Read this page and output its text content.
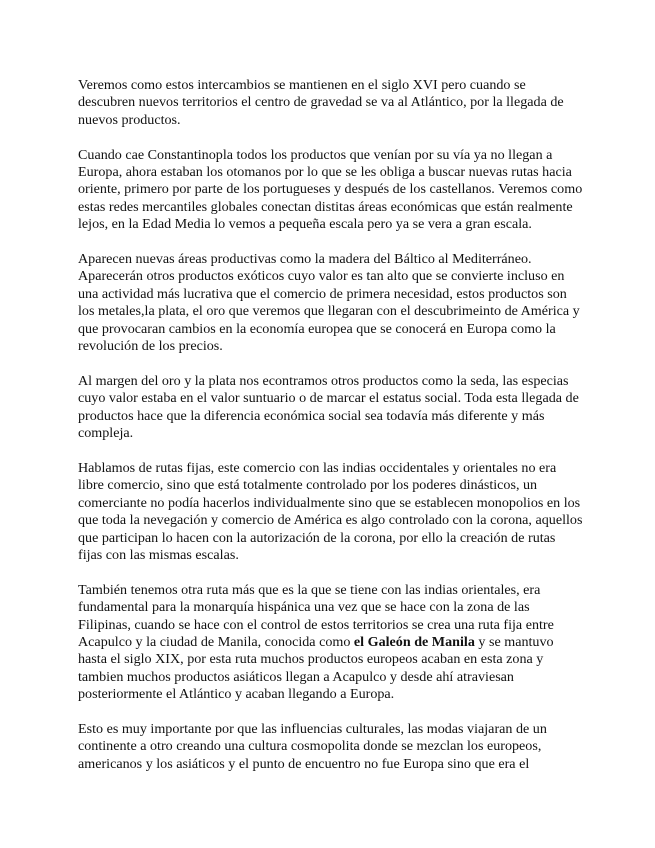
Veremos como estos intercambios se mantienen en el siglo XVI pero cuando se descubren nuevos territorios el centro de gravedad se va al Atlántico, por la llegada de nuevos productos.

Cuando cae Constantinopla todos los productos que venían por su vía ya no llegan a Europa, ahora estaban los otomanos por lo que se les obliga a buscar nuevas rutas hacia oriente, primero por parte de los portugueses y después de los castellanos. Veremos como estas redes mercantiles globales conectan distitas áreas económicas que están realmente lejos, en la Edad Media lo vemos a pequeña escala pero ya se vera a gran escala.

Aparecen nuevas áreas productivas como la madera del Báltico al Mediterráneo. Aparecerán otros productos exóticos cuyo valor es tan alto que se convierte incluso en una actividad más lucrativa que el comercio de primera necesidad, estos productos son los metales,la plata, el oro que veremos que llegaran con el descubrimeinto de América y que provocaran cambios en la economía europea que se conocerá en Europa como la revolución de los precios.

Al margen del oro y la plata nos econtramos otros productos como la seda, las especias cuyo valor estaba en el valor suntuario o de marcar el estatus social. Toda esta llegada de productos hace que la diferencia económica social sea todavía más diferente y más compleja.

Hablamos de rutas fijas, este comercio con las indias occidentales y orientales no era libre comercio, sino que está totalmente controlado por los poderes dinásticos, un comerciante no podía hacerlos individualmente sino que se establecen monopolios en los que toda la nevegación y comercio de América es algo controlado con la corona, aquellos que participan lo hacen con la autorización de la corona, por ello la creación de rutas fijas con las mismas escalas.

También tenemos otra ruta más que es la que se tiene con las indias orientales, era fundamental para la monarquía hispánica una vez que se hace con la zona de las Filipinas, cuando se hace con el control de estos territorios se crea una ruta fija entre Acapulco y la ciudad de Manila, conocida como el Galeón de Manila y se mantuvo hasta el siglo XIX, por esta ruta muchos productos europeos acaban en esta zona y tambien muchos productos asiáticos llegan a Acapulco y desde ahí atraviesan posteriormente el Atlántico y acaban llegando a Europa.

Esto es muy importante por que las influencias culturales, las modas viajaran de un continente a otro creando una cultura cosmopolita donde se mezclan los europeos, americanos y los asiáticos y el punto de encuentro no fue Europa sino que era el
